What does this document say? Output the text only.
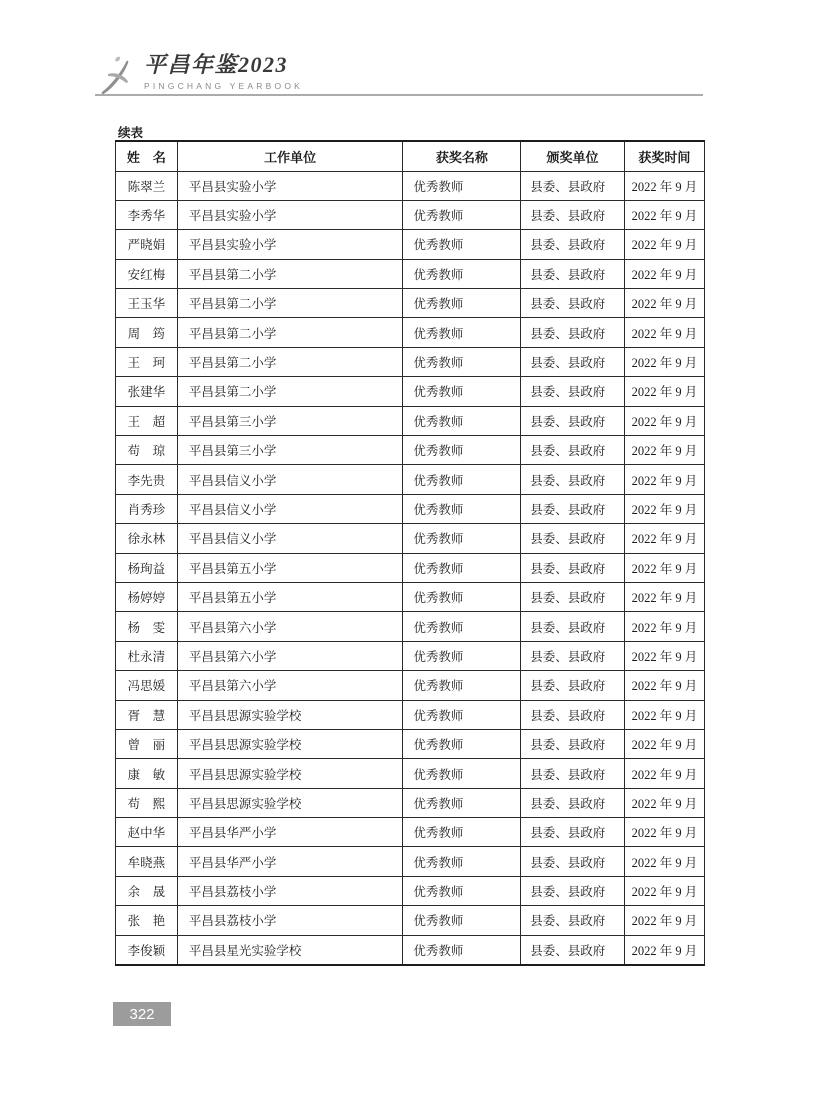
平昌年鉴2023
PINGCHANG YEARBOOK
续表
姓　名	工作单位	获奖名称	颁奖单位	获奖时间
陈翠兰	平昌县实验小学	优秀教师	县委、县政府	2022 年 9 月
李秀华	平昌县实验小学	优秀教师	县委、县政府	2022 年 9 月
严晓娟	平昌县实验小学	优秀教师	县委、县政府	2022 年 9 月
安红梅	平昌县第二小学	优秀教师	县委、县政府	2022 年 9 月
王玉华	平昌县第二小学	优秀教师	县委、县政府	2022 年 9 月
周　筠	平昌县第二小学	优秀教师	县委、县政府	2022 年 9 月
王　珂	平昌县第二小学	优秀教师	县委、县政府	2022 年 9 月
张建华	平昌县第二小学	优秀教师	县委、县政府	2022 年 9 月
王　超	平昌县第三小学	优秀教师	县委、县政府	2022 年 9 月
苟　琼	平昌县第三小学	优秀教师	县委、县政府	2022 年 9 月
李先贵	平昌县信义小学	优秀教师	县委、县政府	2022 年 9 月
肖秀珍	平昌县信义小学	优秀教师	县委、县政府	2022 年 9 月
徐永林	平昌县信义小学	优秀教师	县委、县政府	2022 年 9 月
杨珣益	平昌县第五小学	优秀教师	县委、县政府	2022 年 9 月
杨婷婷	平昌县第五小学	优秀教师	县委、县政府	2022 年 9 月
杨　雯	平昌县第六小学	优秀教师	县委、县政府	2022 年 9 月
杜永清	平昌县第六小学	优秀教师	县委、县政府	2022 年 9 月
冯思媛	平昌县第六小学	优秀教师	县委、县政府	2022 年 9 月
胥　慧	平昌县思源实验学校	优秀教师	县委、县政府	2022 年 9 月
曾　丽	平昌县思源实验学校	优秀教师	县委、县政府	2022 年 9 月
康　敏	平昌县思源实验学校	优秀教师	县委、县政府	2022 年 9 月
苟　熙	平昌县思源实验学校	优秀教师	县委、县政府	2022 年 9 月
赵中华	平昌县华严小学	优秀教师	县委、县政府	2022 年 9 月
牟晓燕	平昌县华严小学	优秀教师	县委、县政府	2022 年 9 月
余　晟	平昌县荔枝小学	优秀教师	县委、县政府	2022 年 9 月
张　艳	平昌县荔枝小学	优秀教师	县委、县政府	2022 年 9 月
李俊颖	平昌县星光实验学校	优秀教师	县委、县政府	2022 年 9 月
322
